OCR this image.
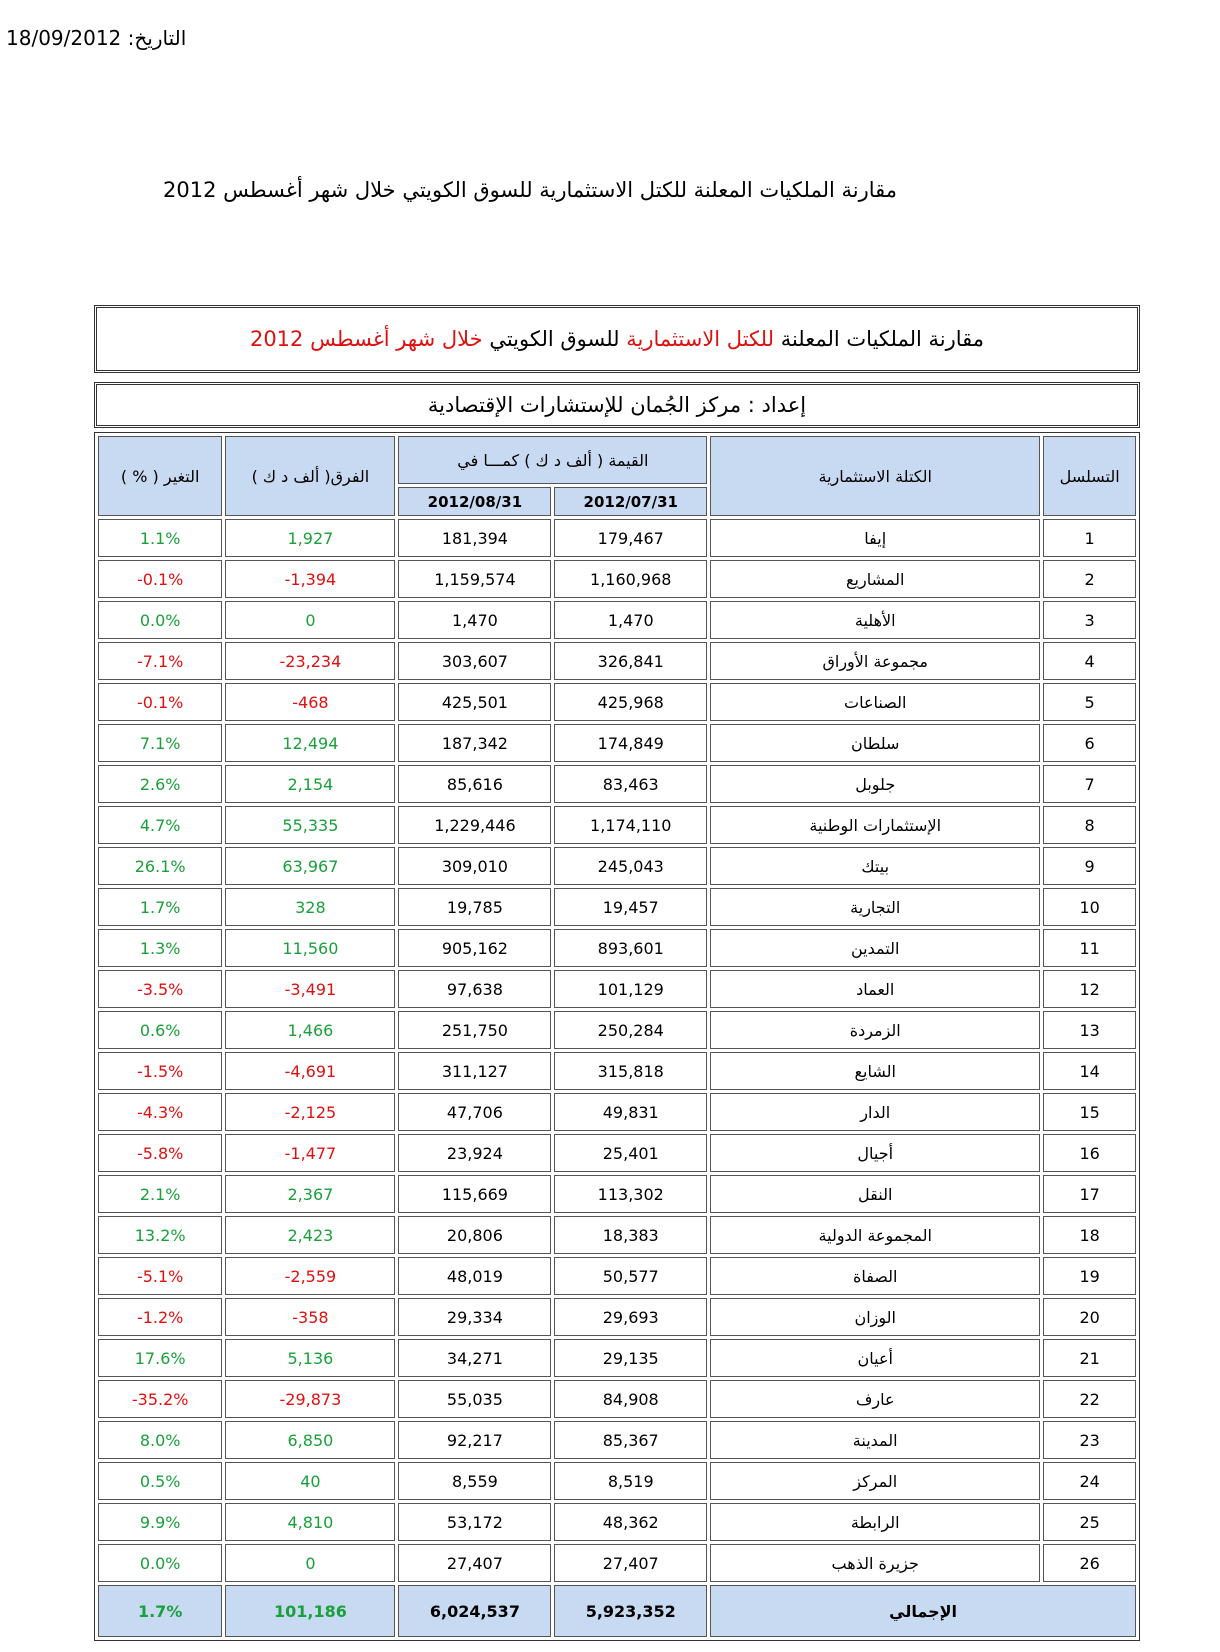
التاريخ: 18/09/2012
مقارنة الملكيات المعلنة للكتل الاستثمارية للسوق الكويتي خلال شهر أغسطس 2012
مقارنة الملكيات المعلنة

للكتل الاستثمارية

للسوق الكويتي

خلال شهر أغسطس 2012
إعداد : مركز الجُمان للإستشارات الإقتصادية
التسلسل	الكتلة الاستثمارية	القيمة ( ألف د ك ) كمـــا في		الفرق( ألف د ك )	التغير ( % )
		2012/07/31	2012/08/31		
1	إيفا	179,467	181,394	1,927	1.1%
2	المشاريع	1,160,968	1,159,574	-1,394	-0.1%
3	الأهلية	1,470	1,470	0	0.0%
4	مجموعة الأوراق	326,841	303,607	-23,234	-7.1%
5	الصناعات	425,968	425,501	-468	-0.1%
6	سلطان	174,849	187,342	12,494	7.1%
7	جلوبل	83,463	85,616	2,154	2.6%
8	الإستثمارات الوطنية	1,174,110	1,229,446	55,335	4.7%
9	بيتك	245,043	309,010	63,967	26.1%
10	التجارية	19,457	19,785	328	1.7%
11	التمدين	893,601	905,162	11,560	1.3%
12	العماد	101,129	97,638	-3,491	-3.5%
13	الزمردة	250,284	251,750	1,466	0.6%
14	الشايع	315,818	311,127	-4,691	-1.5%
15	الدار	49,831	47,706	-2,125	-4.3%
16	أجيال	25,401	23,924	-1,477	-5.8%
17	النقل	113,302	115,669	2,367	2.1%
18	المجموعة الدولية	18,383	20,806	2,423	13.2%
19	الصفاة	50,577	48,019	-2,559	-5.1%
20	الوزان	29,693	29,334	-358	-1.2%
21	أعيان	29,135	34,271	5,136	17.6%
22	عارف	84,908	55,035	-29,873	-35.2%
23	المدينة	85,367	92,217	6,850	8.0%
24	المركز	8,519	8,559	40	0.5%
25	الرابطة	48,362	53,172	4,810	9.9%
26	جزيرة الذهب	27,407	27,407	0	0.0%
الإجمالي		5,923,352	6,024,537	101,186	1.7%
